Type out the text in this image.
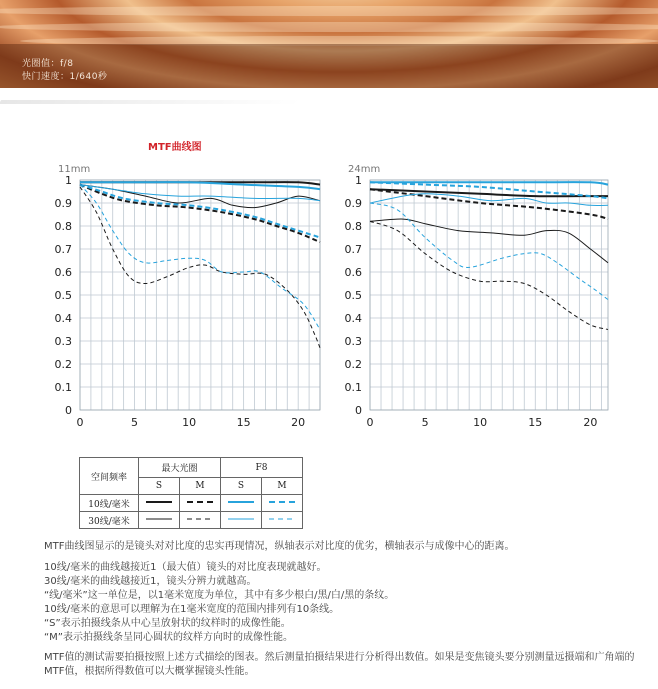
光圈值：f/8
快门速度：1/640秒
MTF曲线图
11mm
0
0.1
0.2
0.3
0.4
0.5
0.6
0.7
0.8
0.9
1
0	5	10	15	20
24mm
0
0.1
0.2
0.3
0.4
0.5
0.6
0.7
0.8
0.9
1
0	5	10	15	20
空间频率	最大光圈		F8	
	S	M	S	M
10线/毫米				
30线/毫米				

MTF曲线图显示的是镜头对对比度的忠实再现情况，纵轴表示对比度的优劣，横轴表示与成像中心的距离。

10线/毫米的曲线越接近1（最大值）镜头的对比度表现就越好。

30线/毫米的曲线越接近1，镜头分辨力就越高。

“线/毫米”这一单位是，以1毫米宽度为单位，其中有多少根白/黑/白/黑的条纹。

10线/毫米的意思可以理解为在1毫米宽度的范围内排列有10条线。

“S”表示拍摄线条从中心呈放射状的纹样时的成像性能。

“M”表示拍摄线条呈同心圆状的纹样方向时的成像性能。

MTF值的测试需要拍摄按照上述方式描绘的图表。然后测量拍摄结果进行分析得出数值。如果是变焦镜头要分别测量远摄端和广角端的MTF值，根据所得数值可以大概掌握镜头性能。
